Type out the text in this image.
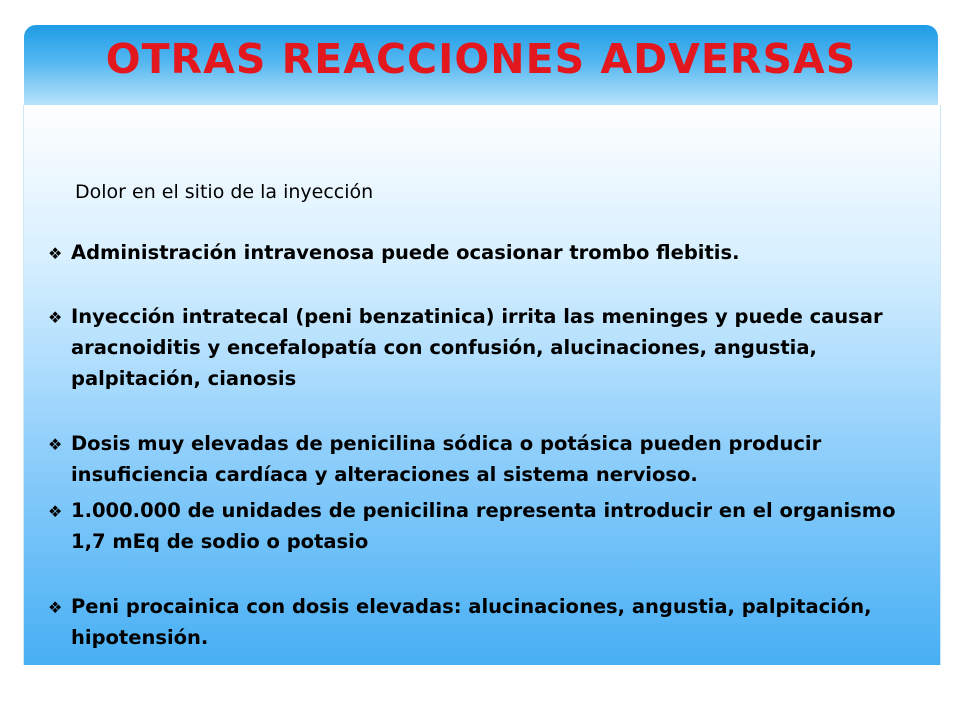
OTRAS REACCIONES ADVERSAS
Dolor en el sitio de la inyección
❖ Administración intravenosa puede ocasionar trombo flebitis.
❖ Inyección intratecal (peni benzatinica) irrita las meninges y puede causar
aracnoiditis y encefalopatía con confusión, alucinaciones, angustia,
palpitación, cianosis
❖ Dosis muy elevadas de penicilina sódica o potásica pueden producir
insuficiencia cardíaca y alteraciones al sistema nervioso.
❖ 1.000.000 de unidades de penicilina representa introducir en el organismo
1,7 mEq de sodio o potasio
❖ Peni procainica con dosis elevadas: alucinaciones, angustia, palpitación,
hipotensión.
